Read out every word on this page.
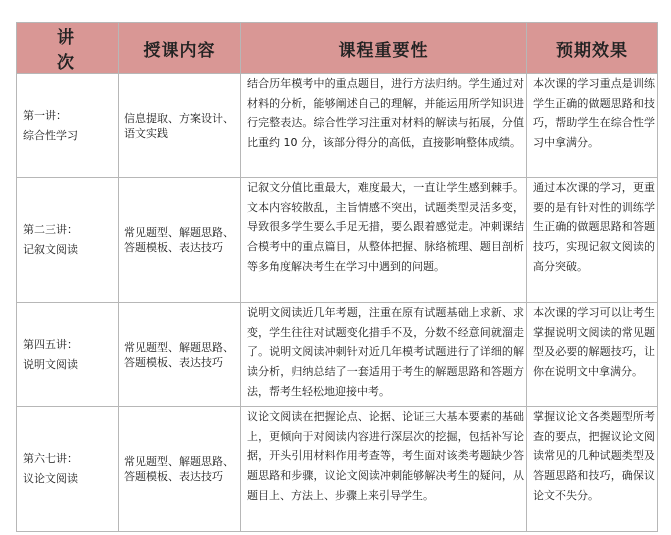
讲次	授课内容	课程重要性	预期效果

第一讲：
综合性学习	信息提取、方案设计、语文实践	结合历年模考中的重点题目，进行方法归纳。学生通过对材料的分析，能够阐述自己的理解，并能运用所学知识进行完整表达。综合性学习注重对材料的解读与拓展，分值比重约 10 分，该部分得分的高低，直接影响整体成绩。	本次课的学习重点是训练学生正确的做题思路和技巧，帮助学生在综合性学习中拿满分。

第二三讲：
记叙文阅读	常见题型、解题思路、答题模板、表达技巧	记叙文分值比重最大，难度最大，一直让学生感到棘手。文本内容较散乱，主旨情感不突出，试题类型灵活多变，导致很多学生要么手足无措，要么跟着感觉走。冲刺课结合模考中的重点篇目，从整体把握、脉络梳理、题目剖析等多角度解决考生在学习中遇到的问题。	通过本次课的学习，更重要的是有针对性的训练学生正确的做题思路和答题技巧，实现记叙文阅读的高分突破。

第四五讲：
说明文阅读	常见题型、解题思路、答题模板、表达技巧	说明文阅读近几年考题，注重在原有试题基础上求新、求变，学生往往对试题变化措手不及，分数不经意间就溜走了。说明文阅读冲刺针对近几年模考试题进行了详细的解读分析，归纳总结了一套适用于考生的解题思路和答题方法，帮考生轻松地迎接中考。	本次课的学习可以让考生掌握说明文阅读的常见题型及必要的解题技巧，让你在说明文中拿满分。

第六七讲：
议论文阅读	常见题型、解题思路、答题模板、表达技巧	议论文阅读在把握论点、论据、论证三大基本要素的基础上，更倾向于对阅读内容进行深层次的挖掘，包括补写论据，开头引用材料作用考查等，考生面对该类考题缺少答题思路和步骤，议论文阅读冲刺能够解决考生的疑问，从题目上、方法上、步骤上来引导学生。	掌握议论文各类题型所考查的要点，把握议论文阅读常见的几种试题类型及答题思路和技巧，确保议论文不失分。
